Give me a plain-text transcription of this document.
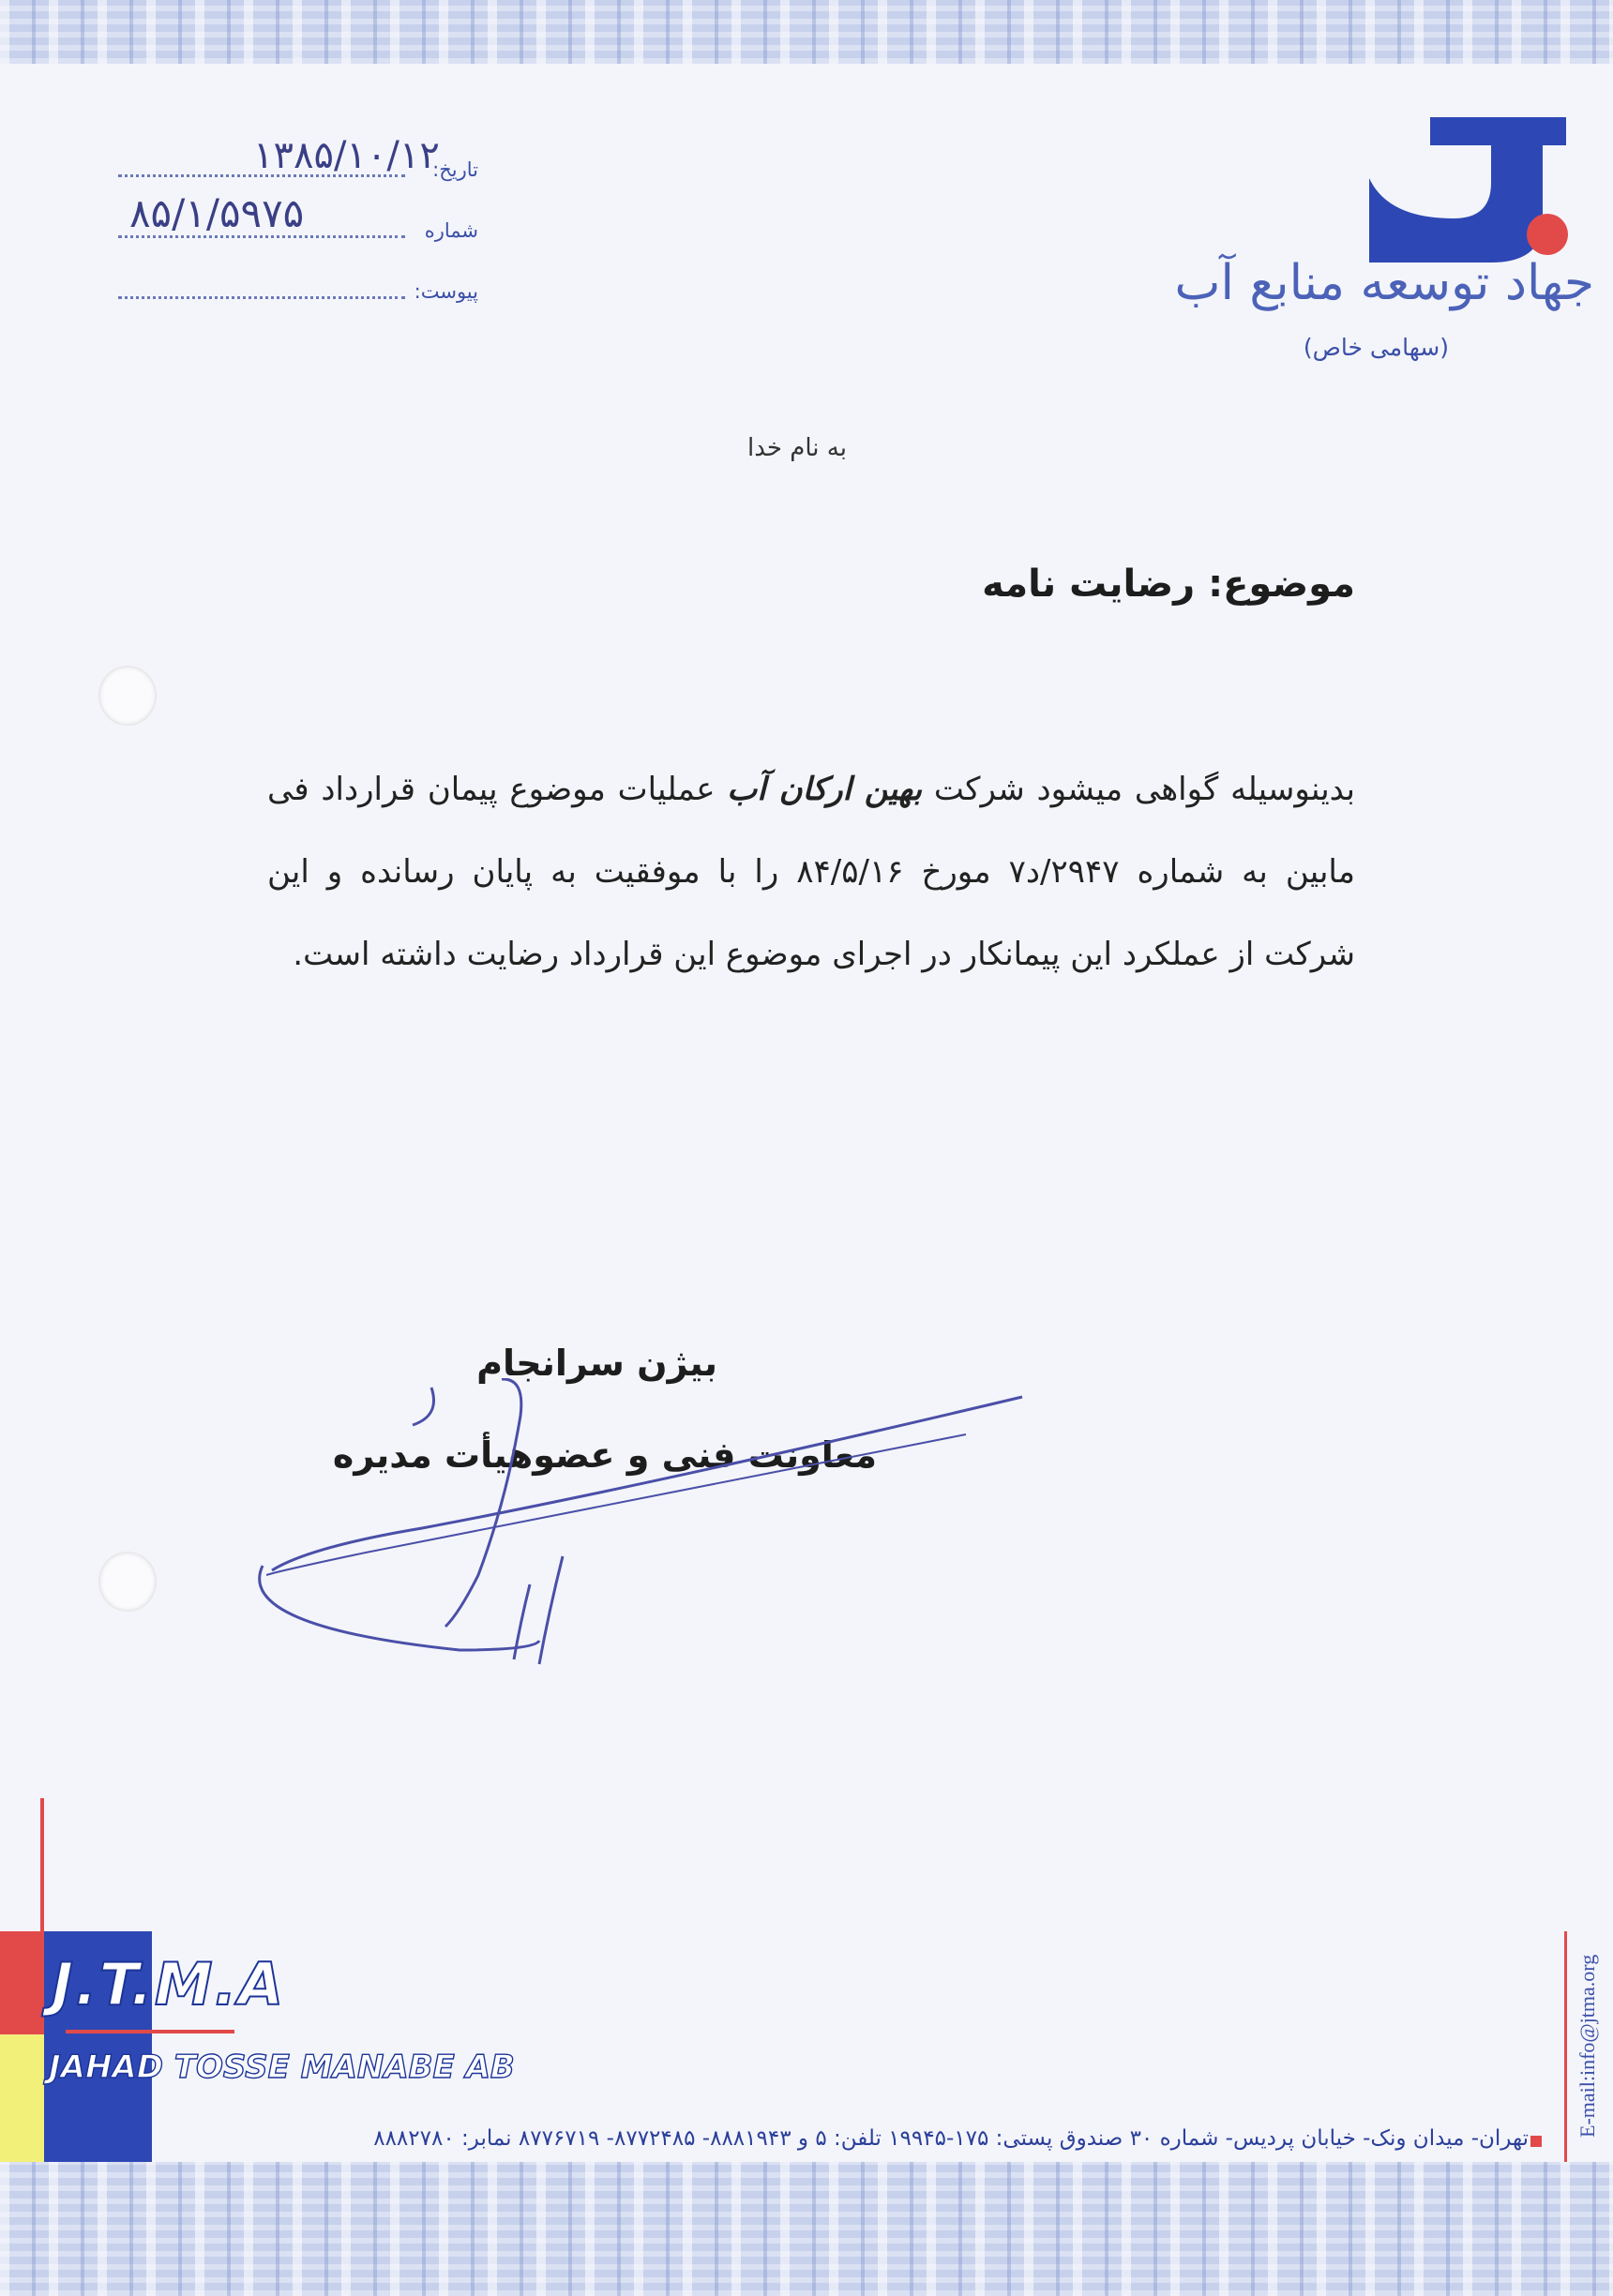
۱۳۸۵/۱۰/۱۲
تاریخ:
۸۵/۱/۵۹۷۵	شماره
پیوست:	جهاد توسعه منابع آب
(سهامی خاص)
به نام خدا
موضوع: رضایت نامه
بدینوسیله گواهی میشود شرکت بهین ارکان آب عملیات موضوع پیمان قرارداد فی مابین به شماره ۲۹۴۷/د۷ مورخ ۸۴/۵/۱۶ را با موفقیت به پایان رسانده و این شرکت از عملکرد این پیمانکار در اجرای موضوع این قرارداد رضایت داشته است.
بیژن سرانجام
معاونت فنی و عضوهیأت مدیره
J.T.M.A
JAHAD TOSSE MANABE AB
تهران- میدان ونک- خیابان پردیس- شماره ۳۰ صندوق پستی: ۱۷۵-۱۹۹۴۵ تلفن: ۵ و ۸۸۸۱۹۴۳- ۸۷۷۲۴۸۵- ۸۷۷۶۷۱۹ نمابر: ۸۸۸۲۷۸۰
E-mail:info@jtma.org
